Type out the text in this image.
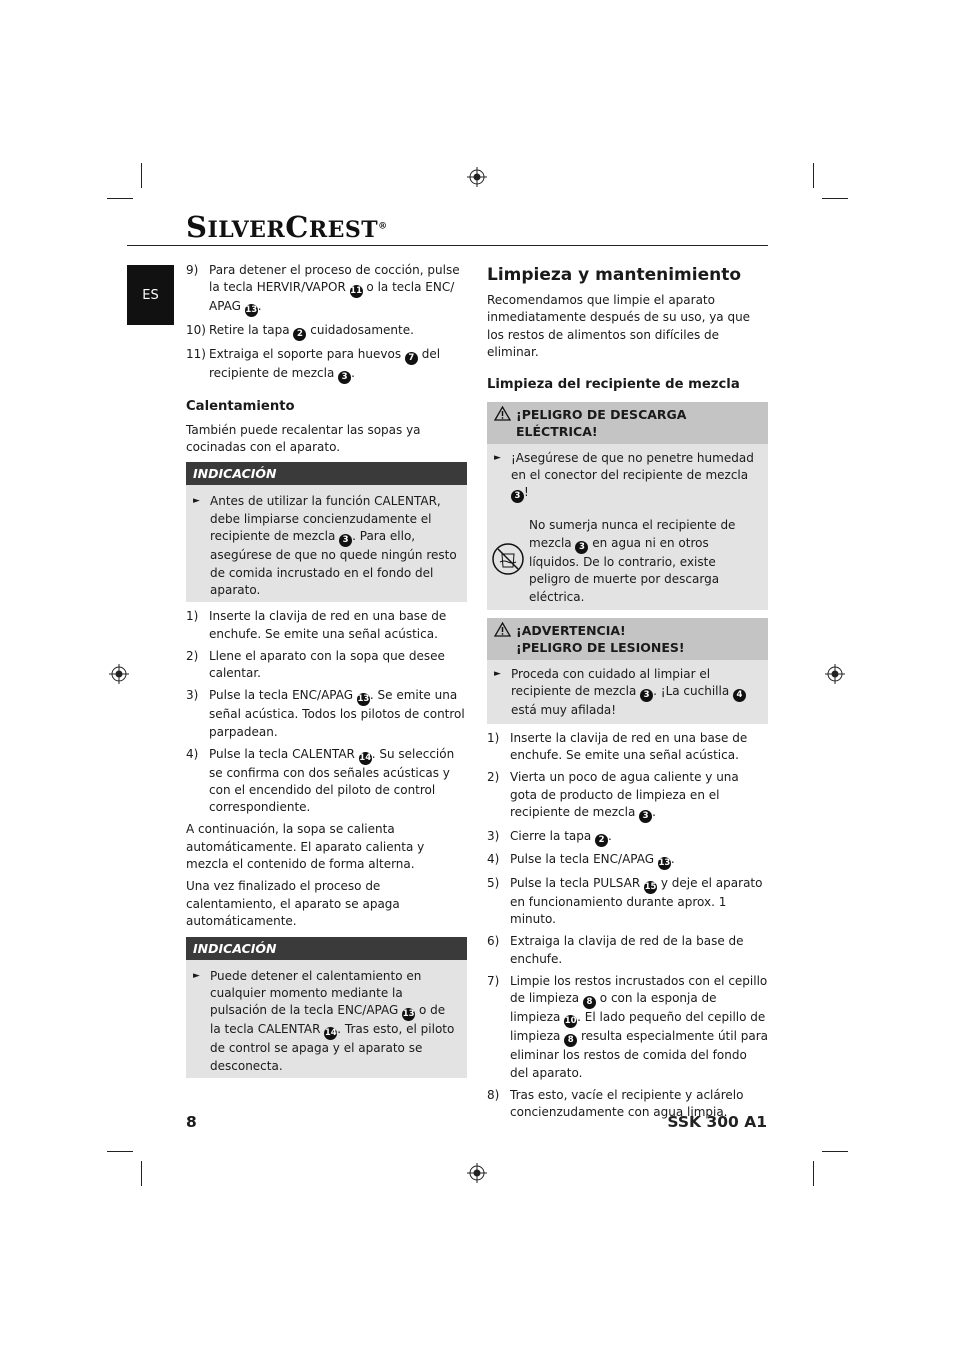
SILVERCREST®
ES
9) Para detener el proceso de cocción, pulse la tecla HERVIR/VAPOR 11 o la tecla ENC/ APAG 13.
10) Retire la tapa 2 cuidadosamente.
11) Extraiga el soporte para huevos 7 del recipiente de mezcla 3 .
Calentamiento

También puede recalentar las sopas ya cocinadas con el aparato.

INDICACIÓN
► Antes de utilizar la función CALENTAR, debe limpiarse concienzudamente el recipiente de mezcla 3 . Para ello, asegúrese de que no quede ningún resto de comida incrustado en el fondo del aparato.
1) Inserte la clavija de red en una base de enchufe. Se emite una señal acústica.
2) Llene el aparato con la sopa que desee calentar.
3) Pulse la tecla ENC/APAG 13. Se emite una señal acústica. Todos los pilotos de control parpadean.
4) Pulse la tecla CALENTAR 14. Su selección se confirma con dos señales acústicas y con el encendido del piloto de control correspondiente.

A continuación, la sopa se calienta automáticamente. El aparato calienta y mezcla el contenido de forma alterna.

Una vez finalizado el proceso de calentamiento, el aparato se apaga automáticamente.

INDICACIÓN
► Puede detener el calentamiento en cualquier momento mediante la pulsación de la tecla ENC/APAG 13 o de la tecla CALENTAR 14. Tras esto, el piloto de control se apaga y el aparato se desconecta.
Limpieza y mantenimiento

Recomendamos que limpie el aparato inmediatamente después de su uso, ya que los restos de alimentos son difíciles de eliminar.

Limpieza del recipiente de mezcla
¡PELIGRO DE DESCARGA ELÉCTRICA!
► ¡Asegúrese de que no penetre humedad en el conector del recipiente de mezcla 3 !
No sumerja nunca el recipiente de mezcla 3 en agua ni en otros líquidos. De lo contrario, existe peligro de muerte por descarga eléctrica.
¡ADVERTENCIA!
¡PELIGRO DE LESIONES!
► Proceda con cuidado al limpiar el recipiente de mezcla 3 . ¡La cuchilla 4 está muy afilada!
1) Inserte la clavija de red en una base de enchufe. Se emite una señal acústica.
2) Vierta un poco de agua caliente y una gota de producto de limpieza en el recipiente de mezcla 3 .
3) Cierre la tapa 2 .
4) Pulse la tecla ENC/APAG 13.
5) Pulse la tecla PULSAR 15 y deje el aparato en funcionamiento durante aprox. 1 minuto.
6) Extraiga la clavija de red de la base de enchufe.
7) Limpie los restos incrustados con el cepillo de limpieza 8 o con la esponja de limpieza 10. El lado pequeño del cepillo de limpieza 8 resulta especialmente útil para eliminar los restos de comida del fondo del aparato.
8) Tras esto, vacíe el recipiente y aclárelo concienzudamente con agua limpia.
8	SSK 300 A1
